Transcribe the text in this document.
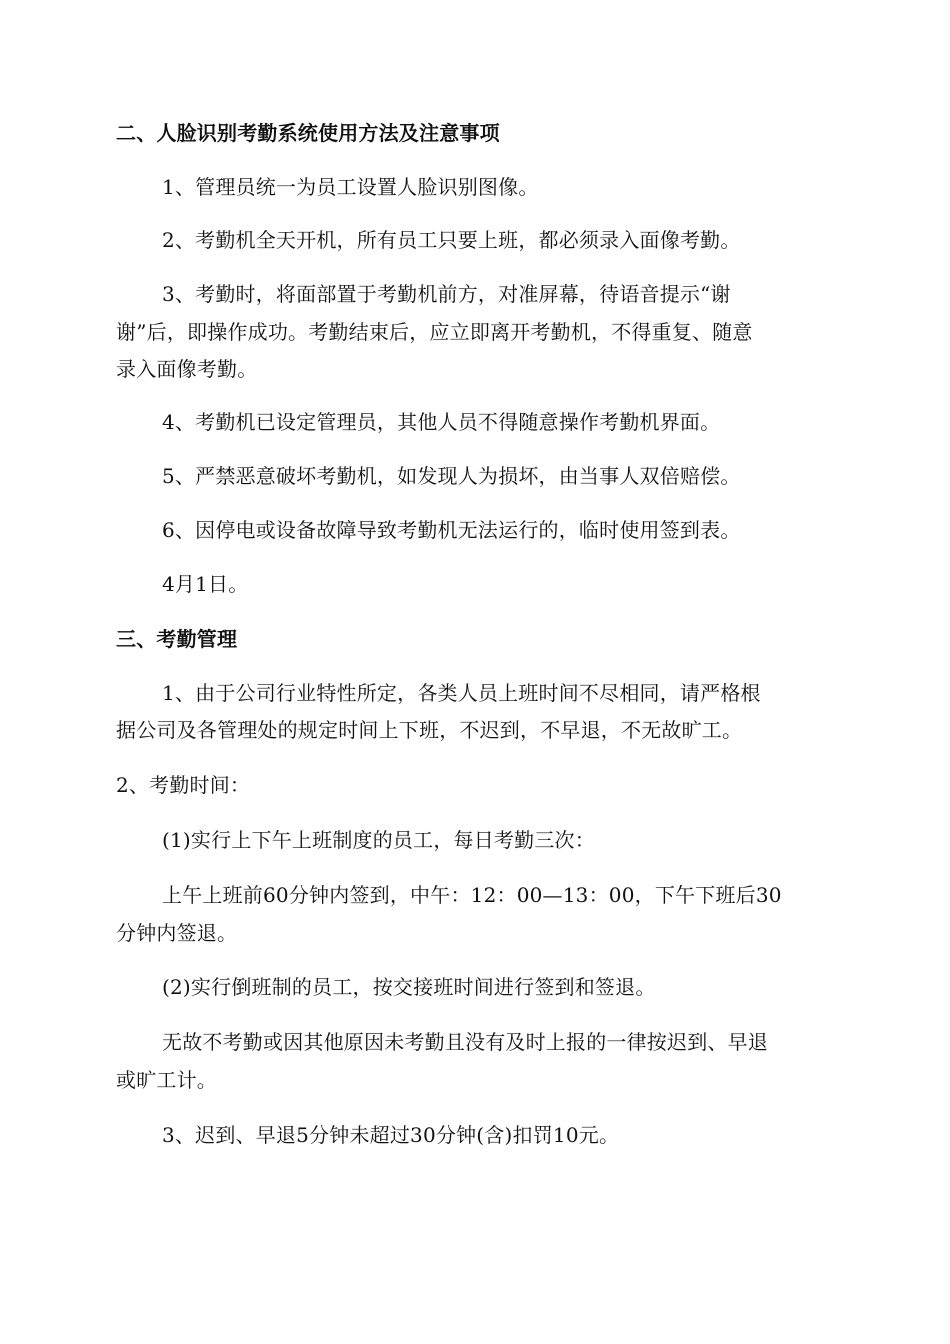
二、人脸识别考勤系统使用方法及注意事项
1、管理员统一为员工设置人脸识别图像。
2、考勤机全天开机，所有员工只要上班，都必须录入面像考勤。
3、考勤时，将面部置于考勤机前方，对准屏幕，待语音提示“谢
谢”后，即操作成功。考勤结束后，应立即离开考勤机，不得重复、随意
录入面像考勤。
4、考勤机已设定管理员，其他人员不得随意操作考勤机界面。
5、严禁恶意破坏考勤机，如发现人为损坏，由当事人双倍赔偿。
6、因停电或设备故障导致考勤机无法运行的，临时使用签到表。
4月1日。
三、考勤管理
1、由于公司行业特性所定，各类人员上班时间不尽相同，请严格根
据公司及各管理处的规定时间上下班，不迟到，不早退，不无故旷工。
2、考勤时间：
(1)实行上下午上班制度的员工，每日考勤三次：
上午上班前60分钟内签到，中午：12：00—13：00，下午下班后30
分钟内签退。
(2)实行倒班制的员工，按交接班时间进行签到和签退。
无故不考勤或因其他原因未考勤且没有及时上报的一律按迟到、早退
或旷工计。
3、迟到、早退5分钟未超过30分钟(含)扣罚10元。
